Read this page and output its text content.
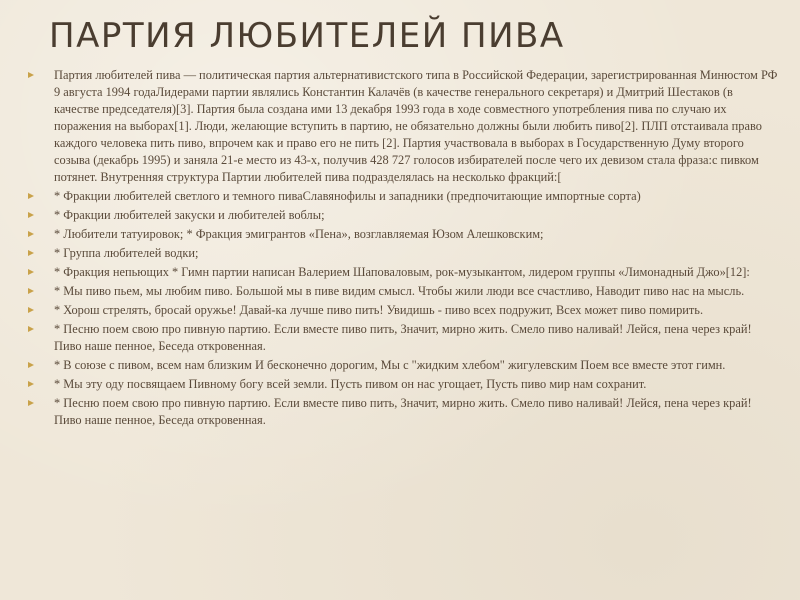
ПАРТИЯ ЛЮБИТЕЛЕЙ ПИВА
Партия любителей пива — политическая партия альтернативистского типа в Российской Федерации, зарегистрированная Минюстом РФ 9 августа 1994 годаЛидерами партии являлись Константин Калачёв (в качестве генерального секретаря) и Дмитрий Шестаков (в качестве председателя)[3]. Партия была создана ими 13 декабря 1993 года в ходе совместного употребления пива по случаю их поражения на выборах[1]. Люди, желающие вступить в партию, не обязательно должны были любить пиво[2]. ПЛП отстаивала право каждого человека пить пиво, впрочем как и право его не пить [2]. Партия участвовала в выборах в Государственную Думу второго созыва (декабрь 1995) и заняла 21-е место из 43-х, получив 428 727 голосов избирателей после чего их девизом стала фраза:с пивком потянет. Внутренняя структура Партии любителей пива подразделялась на несколько фракций:[
* Фракции любителей светлого и темного пиваСлавянофилы и западники (предпочитающие импортные сорта)
* Фракции любителей закуски и любителей воблы;
* Любители татуировок; * Фракция эмигрантов «Пена», возглавляемая Юзом Алешковским;
* Группа любителей водки;
* Фракция непьющих * Гимн партии написан Валерием Шаповаловым, рок-музыкантом, лидером группы «Лимонадный Джо»[12]:
* Мы пиво пьем, мы любим пиво. Большой мы в пиве видим смысл. Чтобы жили люди все счастливо, Наводит пиво нас на мысль.
* Хорош стрелять, бросай оружье! Давай-ка лучше пиво пить! Увидишь - пиво всех подружит, Всех может пиво помирить.
* Песню поем свою про пивную партию. Если вместе пиво пить, Значит, мирно жить. Смело пиво наливай! Лейся, пена через край! Пиво наше пенное, Беседа откровенная.
* В союзе с пивом, всем нам близким И бесконечно дорогим, Мы с "жидким хлебом" жигулевским Поем все вместе этот гимн.
* Мы эту оду посвящаем Пивному богу всей земли. Пусть пивом он нас угощает, Пусть пиво мир нам сохранит.
* Песню поем свою про пивную партию. Если вместе пиво пить, Значит, мирно жить. Смело пиво наливай! Лейся, пена через край! Пиво наше пенное, Беседа откровенная.
